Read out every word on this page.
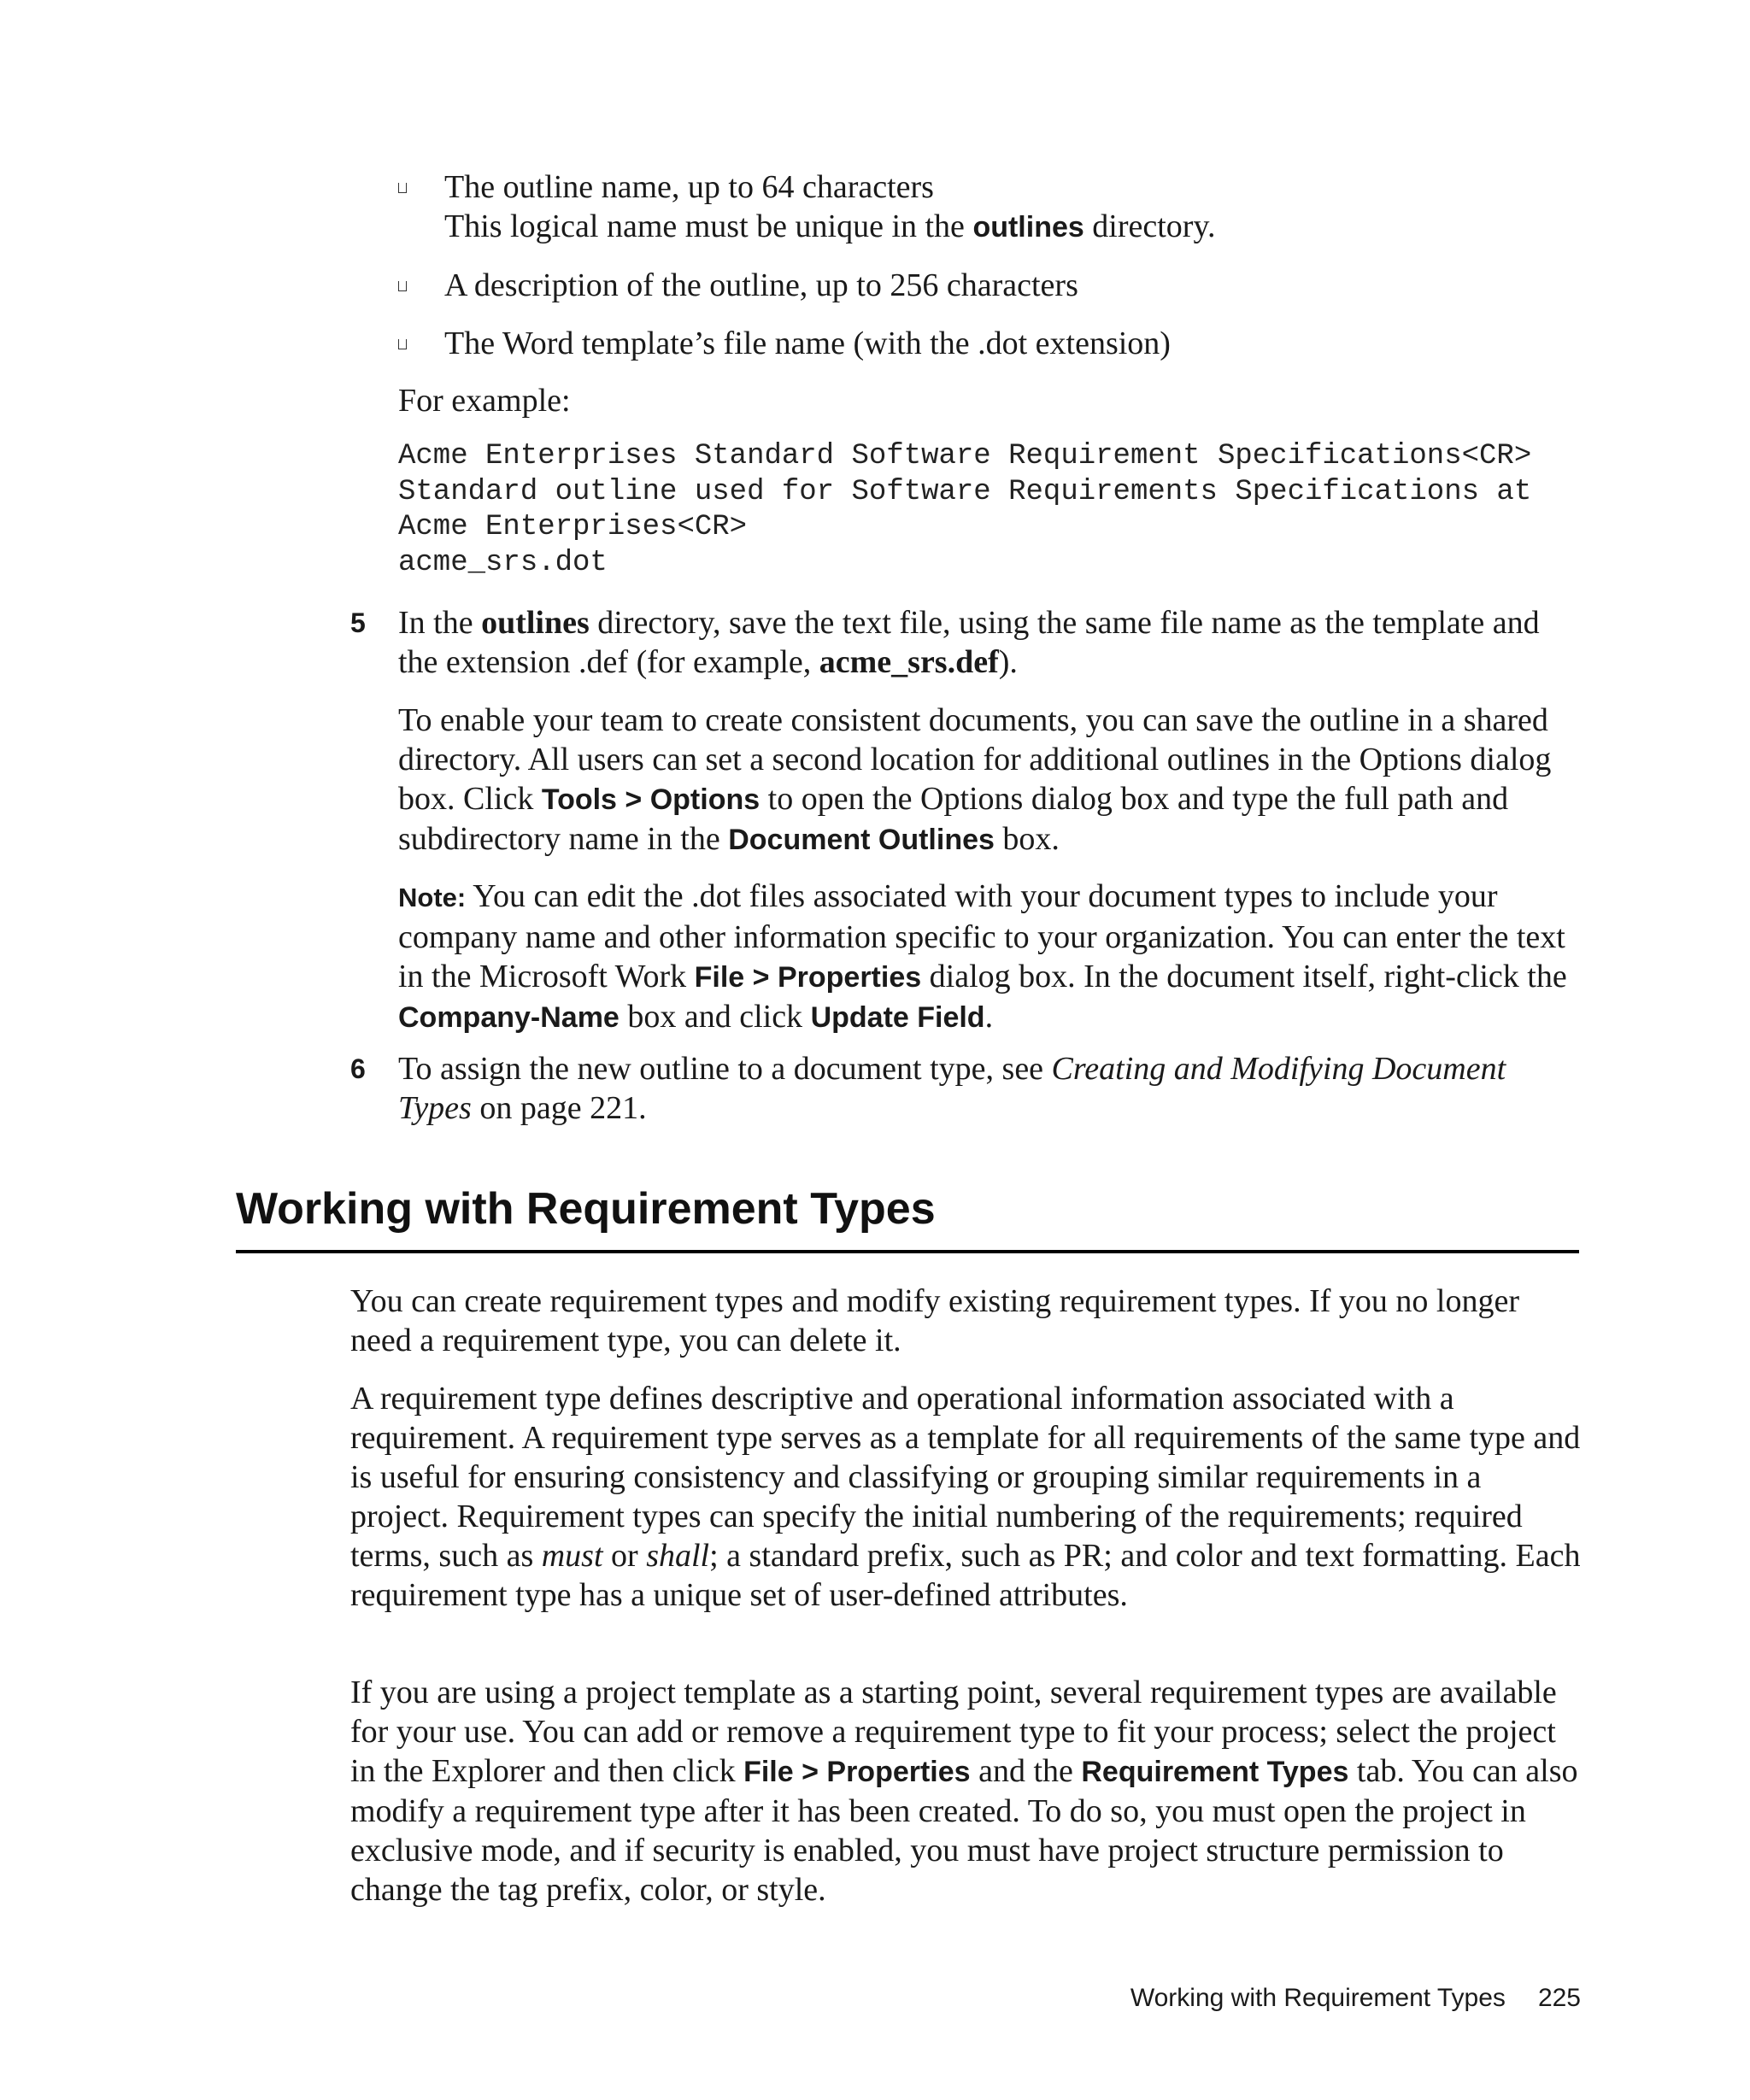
The outline name, up to 64 characters
This logical name must be unique in the outlines directory.
A description of the outline, up to 256 characters
The Word template’s file name (with the .dot extension)

For example:

Acme Enterprises Standard Software Requirement Specifications<CR>
Standard outline used for Software Requirements Specifications at
Acme Enterprises<CR>
acme_srs.dot
5 In the outlines directory, save the text file, using the same file name as the template and the extension .def (for example, acme_srs.def).

To enable your team to create consistent documents, you can save the outline in a shared directory. All users can set a second location for additional outlines in the Options dialog box. Click Tools > Options to open the Options dialog box and type the full path and subdirectory name in the Document Outlines box.

Note: You can edit the .dot files associated with your document types to include your company name and other information specific to your organization. You can enter the text in the Microsoft Work File > Properties dialog box. In the document itself, right-click the Company-Name box and click Update Field.

6 To assign the new outline to a document type, see Creating and Modifying Document Types on page 221.

Working with Requirement Types

You can create requirement types and modify existing requirement types. If you no longer need a requirement type, you can delete it.

A requirement type defines descriptive and operational information associated with a requirement. A requirement type serves as a template for all requirements of the same type and is useful for ensuring consistency and classifying or grouping similar requirements in a project. Requirement types can specify the initial numbering of the requirements; required terms, such as must or shall; a standard prefix, such as PR; and color and text formatting. Each requirement type has a unique set of user-defined attributes.

If you are using a project template as a starting point, several requirement types are available for your use. You can add or remove a requirement type to fit your process; select the project in the Explorer and then click File > Properties and the Requirement Types tab. You can also modify a requirement type after it has been created. To do so, you must open the project in exclusive mode, and if security is enabled, you must have project structure permission to change the tag prefix, color, or style.

Working with Requirement Types 225
